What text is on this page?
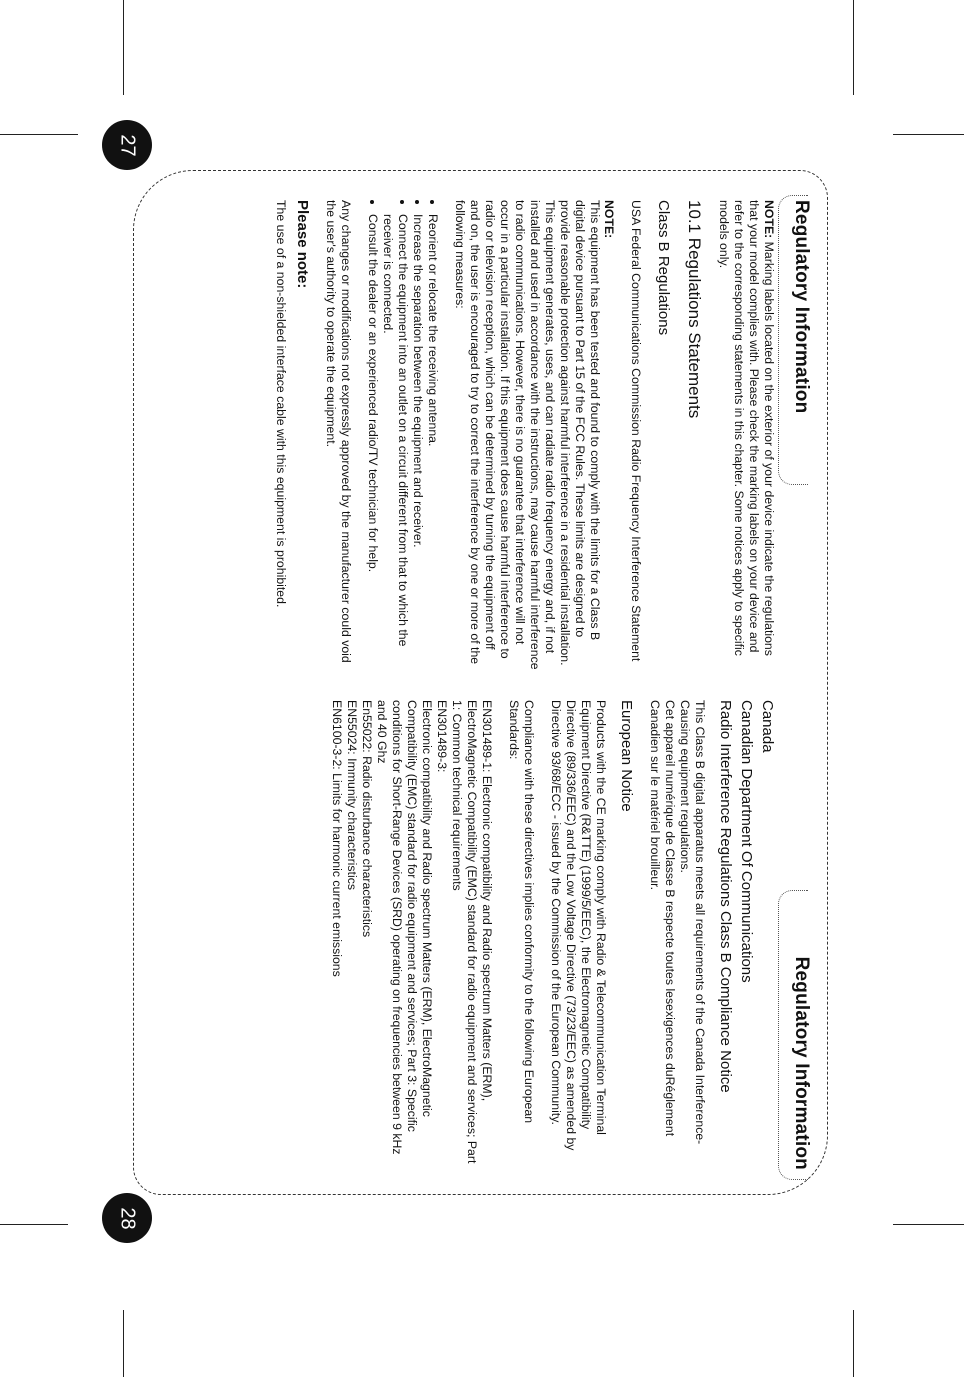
27
28
Regulatory Information

NOTE: Marking labels located on the exterior of your device indicate the regulations that your model complies with. Please check the marking labels on your device and refer to the corresponding statements in this chapter. Some notices apply to specific models only.

10.1 Regulations Statements
Class B Regulations

USA Federal Communications Commission Radio Frequency Interference Statement

NOTE:

This equipment has been tested and found to comply with the limits for a Class B digital device pursuant to Part 15 of the FCC Rules. These limits are designed to provide reasonable protection against harmful interference in a residential installation. This equipment generates, uses, and can radiate radio frequency energy and, if not installed and used in accordance with the instructions, may cause harmful interference to radio communications. However, there is no guarantee that interference will not occur in a particular installation. If this equipment does cause harmful interference to radio or television reception, which can be determined by turning the equipment off and on, the user is encouraged to try to correct the interference by one or more of the following measures:

• Reorient or relocate the receiving antenna.
• Increase the separation between the equipment and receiver.
• Connect the equipment into an outlet on a circuit different from that to which the receiver is connected.
• Consult the dealer or an experienced radio/TV technician for help.

Any changes or modifications not expressly approved by the manufacturer could void the user's authority to operate the equipment.

Please note:

The use of a non-shielded interface cable with this equipment is prohibited.

Regulatory Information
Canada
Canadian Department Of Communications
Radio Interference Regulations Class B Compliance Notice

This Class B digital apparatus meets all requirements of the Canada Interference-Causing equipment regulations.

Cet appareil numérique de Classe B respecte toutes lesexigences duRéglement Canadien sur le matériel brouilleur.

European Notice

Products with the CE marking comply with Radio & Telecommunication Terminal Equipment Directive (R&TTE) (1999/5/EEC), the Electromagnetic Compatibility Directive (89/336/EEC) and the Low Voltage Directive (73/23/EEC) as amended by Directive 93/68/ECC - issued by the Commission of the European Community.

Compliance with these directives implies conformity to the following European Standards:

EN301489-1: Electronic compatibility and Radio spectrum Matters (ERM), ElectroMagnetic Compatibility (EMC) standard for radio equipment and services; Part 1: Common technical requirements
EN301489-3:
Electronic compatibility and Radio spectrum Matters (ERM), ElectroMagnetic Compatibility (EMC) standard for radio equipment and services; Part 3: Specific conditions for Short-Range Devices (SRD) operating on frequencies between 9 kHz and 40 Ghz
En55022: Radio disturbance characteristics
EN55024: Immunity characteristics
EN6100-3-2: Limits for harmonic current emissions
